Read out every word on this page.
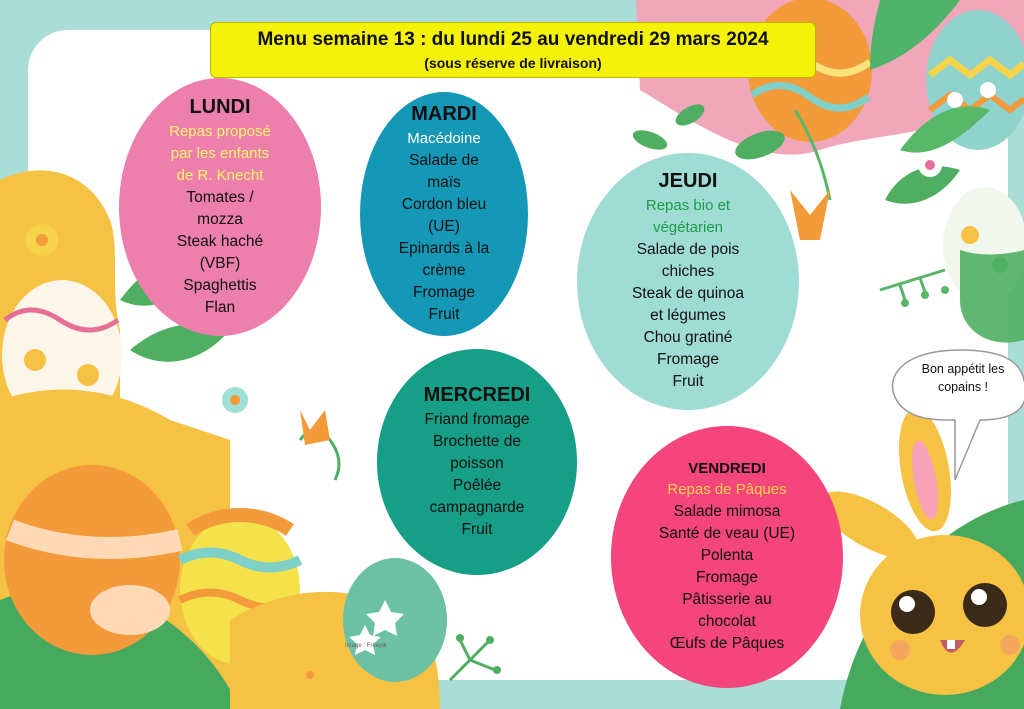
Menu semaine 13 : du lundi 25 au vendredi 29 mars 2024
(sous réserve de livraison)
LUNDI
Repas proposé
par les enfants
de R. Knecht
Tomates /
mozza
Steak haché
(VBF)
Spaghettis
Flan
MARDI
Macédoine
Salade de
maïs
Cordon bleu
(UE)
Epinards à la
crème
Fromage
Fruit
JEUDI
Repas bio et
végétarien
Salade de pois
chiches
Steak de quinoa
et légumes
Chou gratiné
Fromage
Fruit
MERCREDI
Friand fromage
Brochette de
poisson
Poêlée
campagnarde
Fruit
VENDREDI
Repas de Pâques
Salade mimosa
Santé de veau (UE)
Polenta
Fromage
Pâtisserie au
chocolat
Œufs de Pâques
Bon appétit les
copains !
Image : Freepik
